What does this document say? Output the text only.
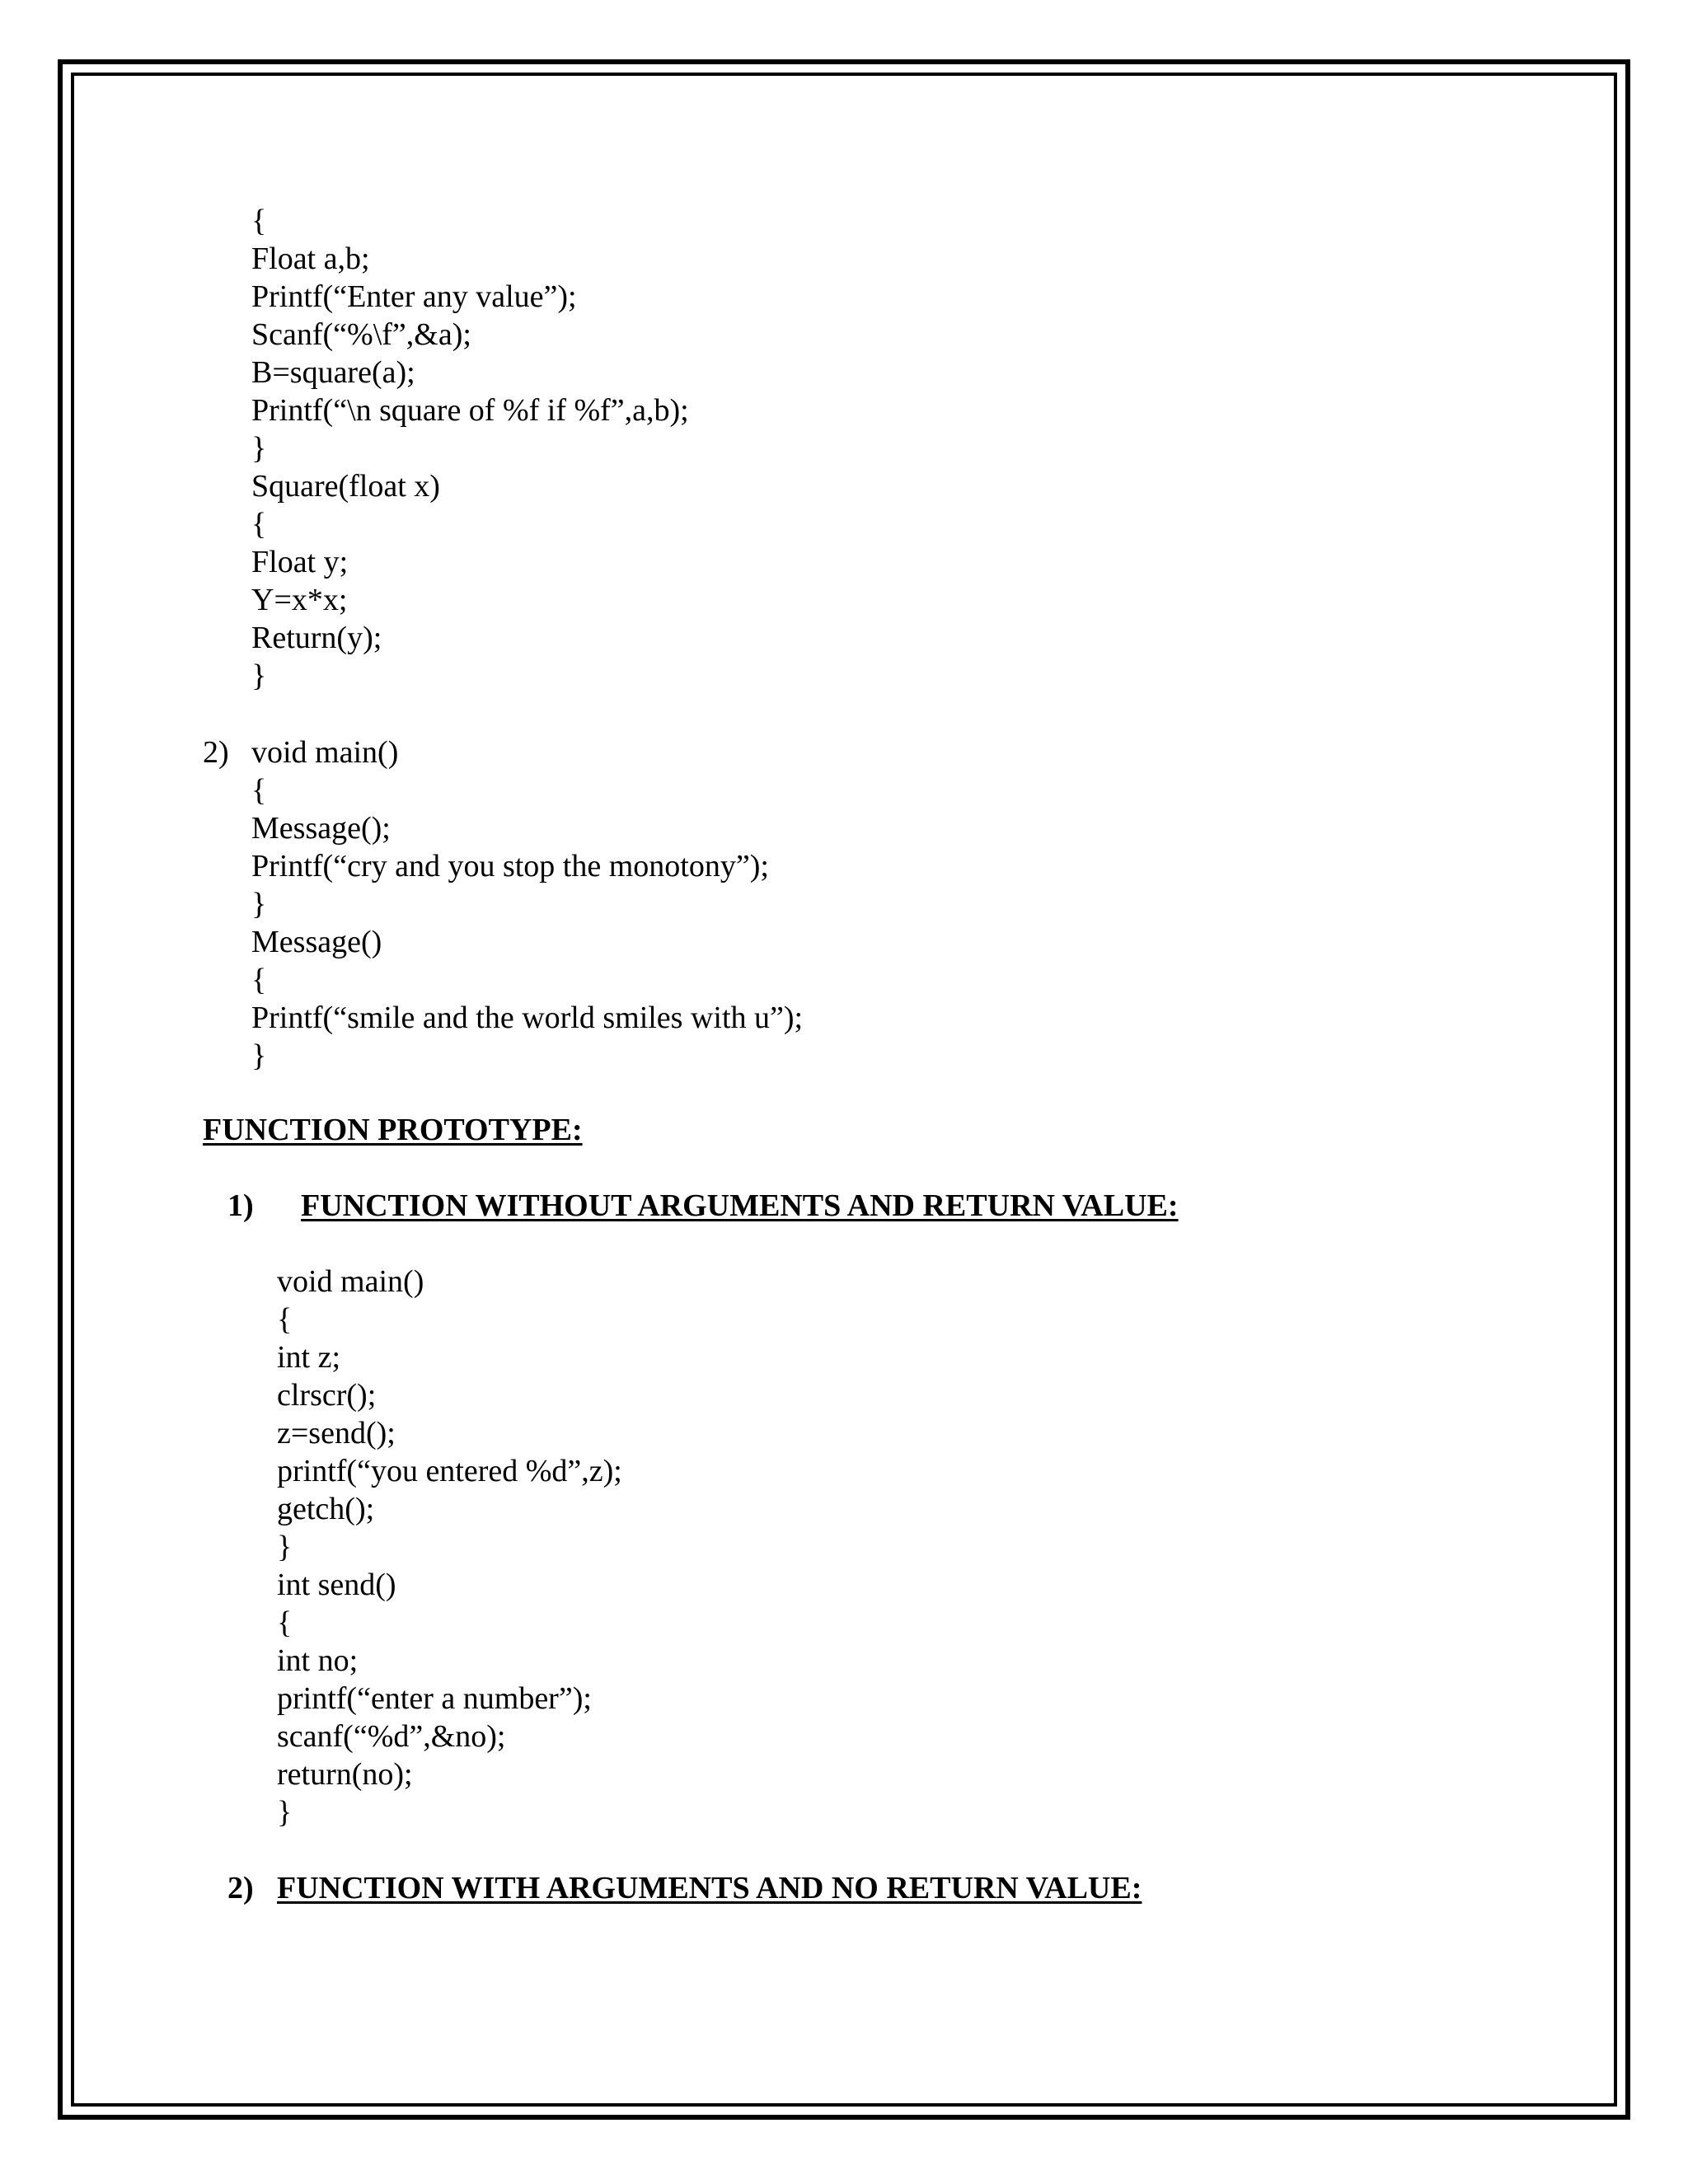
{
Float a,b;
Printf(“Enter any value”);
Scanf(“%\f”,&a);
B=square(a);
Printf(“\n square of %f if %f”,a,b);
}
Square(float x)
{
Float y;
Y=x*x;
Return(y);
}
2) void main()
{
Message();
Printf(“cry and you stop the monotony”);
}
Message()
{
Printf(“smile and the world smiles with u”);
}
FUNCTION PROTOTYPE:
1) FUNCTION WITHOUT ARGUMENTS AND RETURN VALUE:
void main()
{
int z;
clrscr();
z=send();
printf(“you entered %d”,z);
getch();
}
int send()
{
int no;
printf(“enter a number”);
scanf(“%d”,&no);
return(no);
}
2) FUNCTION WITH ARGUMENTS AND NO RETURN VALUE:
